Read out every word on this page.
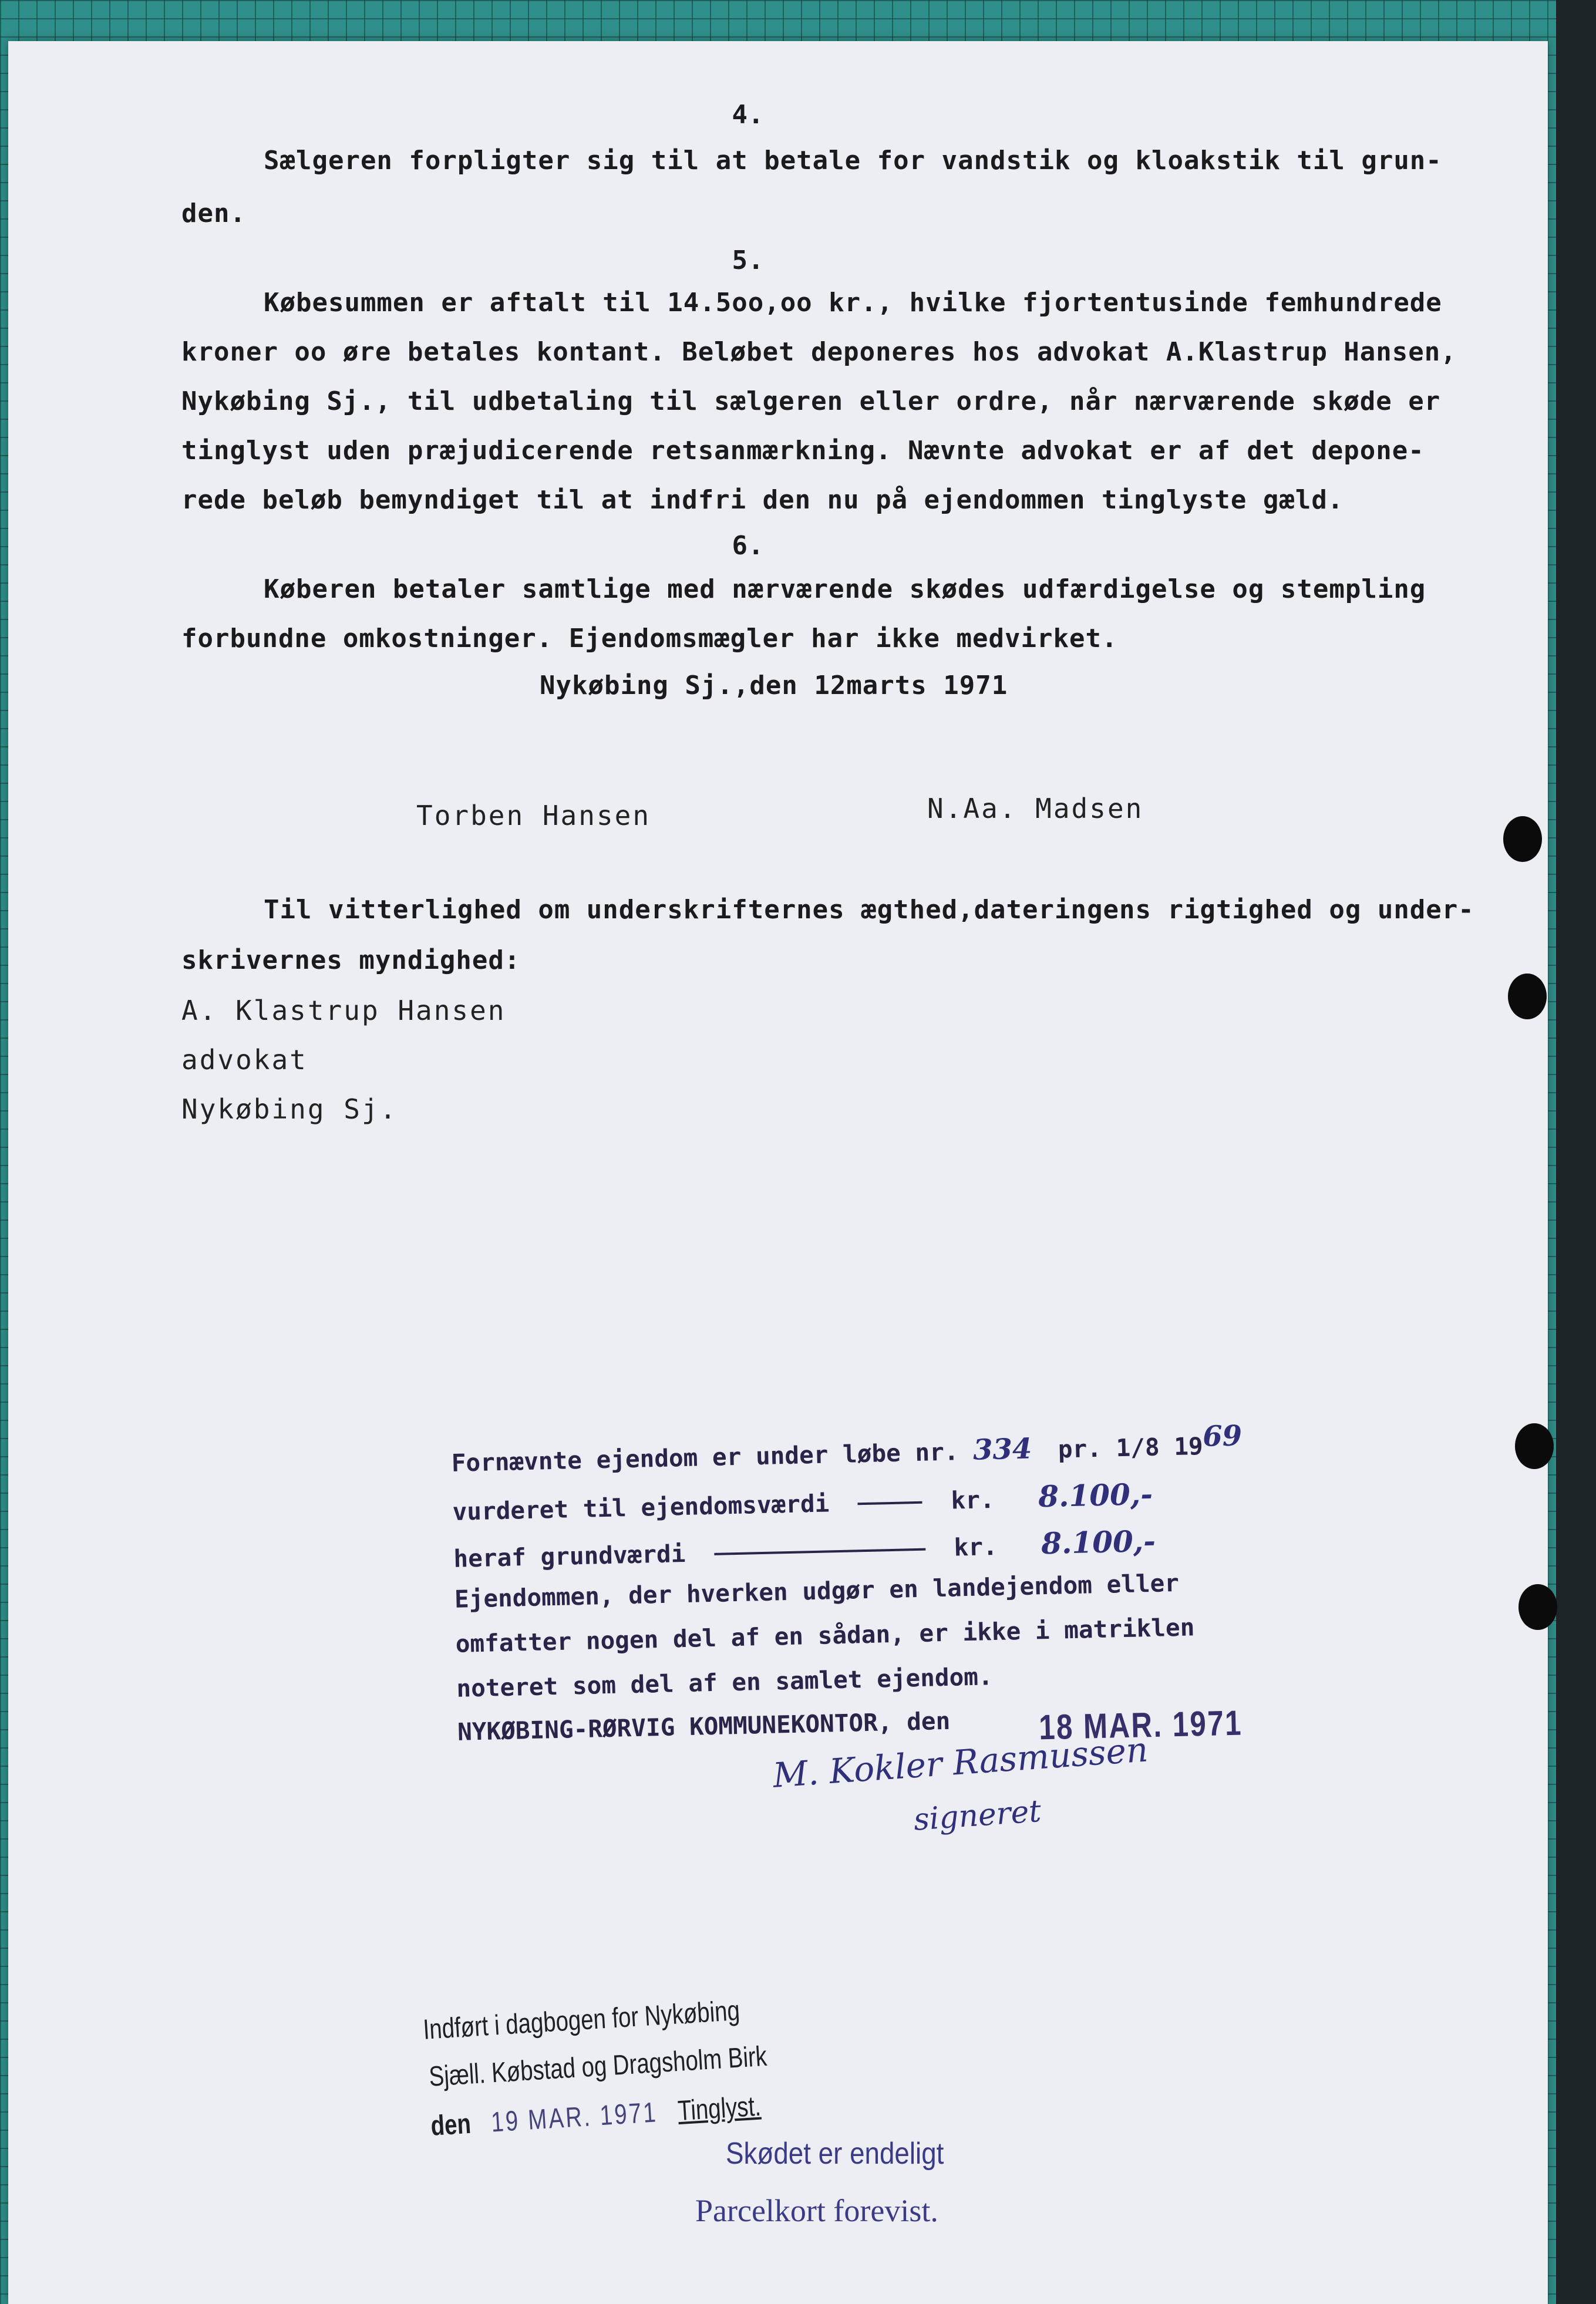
4.
Sælgeren forpligter sig til at betale for vandstik og kloakstik til grun-
den.
5.
Købesummen er aftalt til 14.5oo,oo kr., hvilke fjortentusinde femhundrede
kroner oo øre betales kontant. Beløbet deponeres hos advokat A.Klastrup Hansen,
Nykøbing Sj., til udbetaling til sælgeren eller ordre, når nærværende skøde er
tinglyst uden præjudicerende retsanmærkning. Nævnte advokat er af det depone-
rede beløb bemyndiget til at indfri den nu på ejendommen tinglyste gæld.
6.
Køberen betaler samtlige med nærværende skødes udfærdigelse og stempling
forbundne omkostninger. Ejendomsmægler har ikke medvirket.
Nykøbing Sj.,den 12marts 1971
Torben Hansen	N.Aa. Madsen
Til vitterlighed om underskrifternes ægthed,dateringens rigtighed og under-
skrivernes myndighed:
A. Klastrup Hansen
advokat
Nykøbing Sj.
Fornævnte ejendom er under løbe nr. 334 pr. 1/8 1969
vurderet til ejendomsværdi	kr. 8.100,-
heraf grundværdi	kr. 8.100,-
Ejendommen, der hverken udgør en landejendom eller
omfatter nogen del af en sådan, er ikke i matriklen
noteret som del af en samlet ejendom.
NYKØBING-RØRVIG KOMMUNEKONTOR, den 18 MAR. 1971
M. Kokler Rasmussen
signeret
Indført i dagbogen for Nykøbing
Sjæll. Købstad og Dragsholm Birk
den 19 MAR. 1971 Tinglyst.
Skødet er endeligt
Parcelkort forevist.
